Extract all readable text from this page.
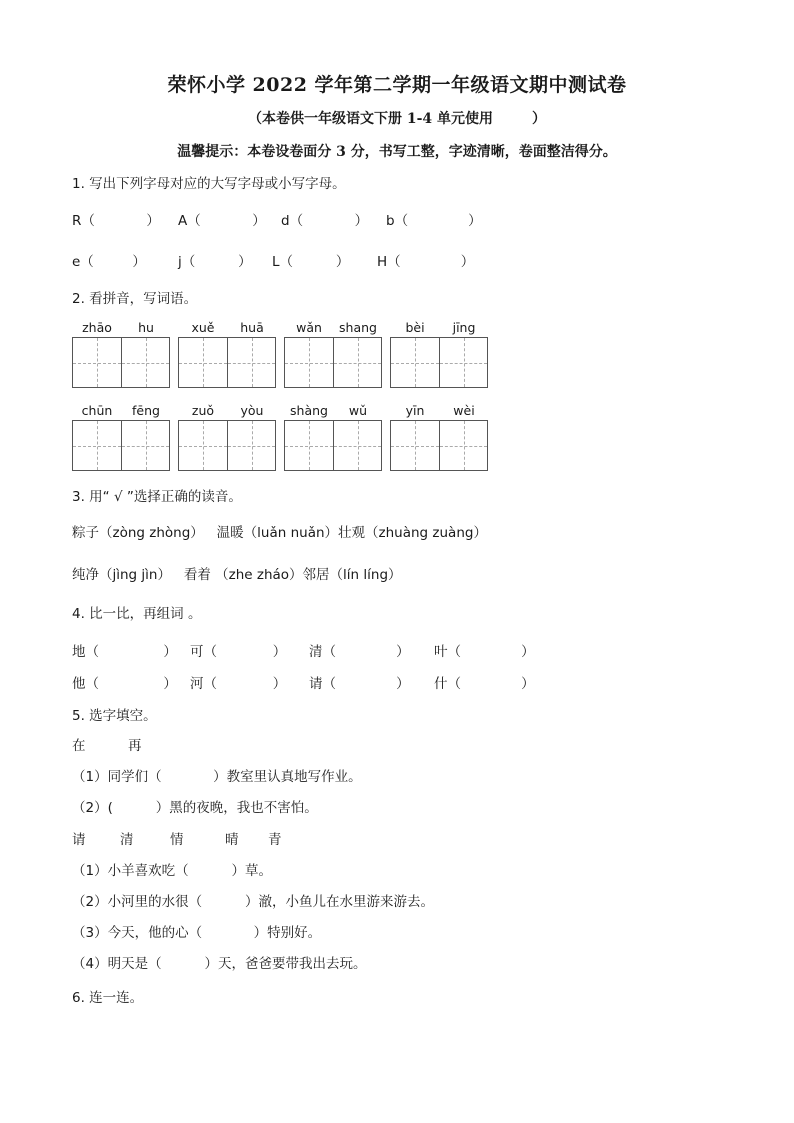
荣怀小学 2022 学年第二学期一年级语文期中测试卷
（本卷供一年级语文下册 1-4 单元使用        ）
温馨提示：本卷设卷面分 3 分，书写工整，字迹清晰，卷面整洁得分。
1. 写出下列字母对应的大写字母或小写字母。
R（            ） A（            ） d（            ） b（              ）
e（         ） j（          ） L（          ） H（              ）
2. 看拼音，写词语。
zhāo	hu	xuě	huā	wǎn	shang	bèi	jīng
chūn	fēng	zuǒ	yòu	shàng	wǔ	yīn	wèi
3. 用“ √ ”选择正确的读音。
粽子（zòng zhòng）   温暖（luǎn nuǎn）壮观（zhuàng zuàng）
纯净（jìng jìn）   看着 （zhe zháo）邻居（lín líng）
4. 比一比，再组词 。
地（               ） 可（             ） 清（              ） 叶（              ）
他（               ） 河（             ） 请（              ） 什（              ）
5. 选字填空。
在	再
（1）同学们（            ）教室里认真地写作业。
（2）(          ）黑的夜晚，我也不害怕。
请	清	情	晴 青
（1）小羊喜欢吃（          ）草。
（2）小河里的水很（          ）澈，小鱼儿在水里游来游去。
（3）今天，他的心（            ）特别好。
（4）明天是（          ）天，爸爸要带我出去玩。
6. 连一连。
